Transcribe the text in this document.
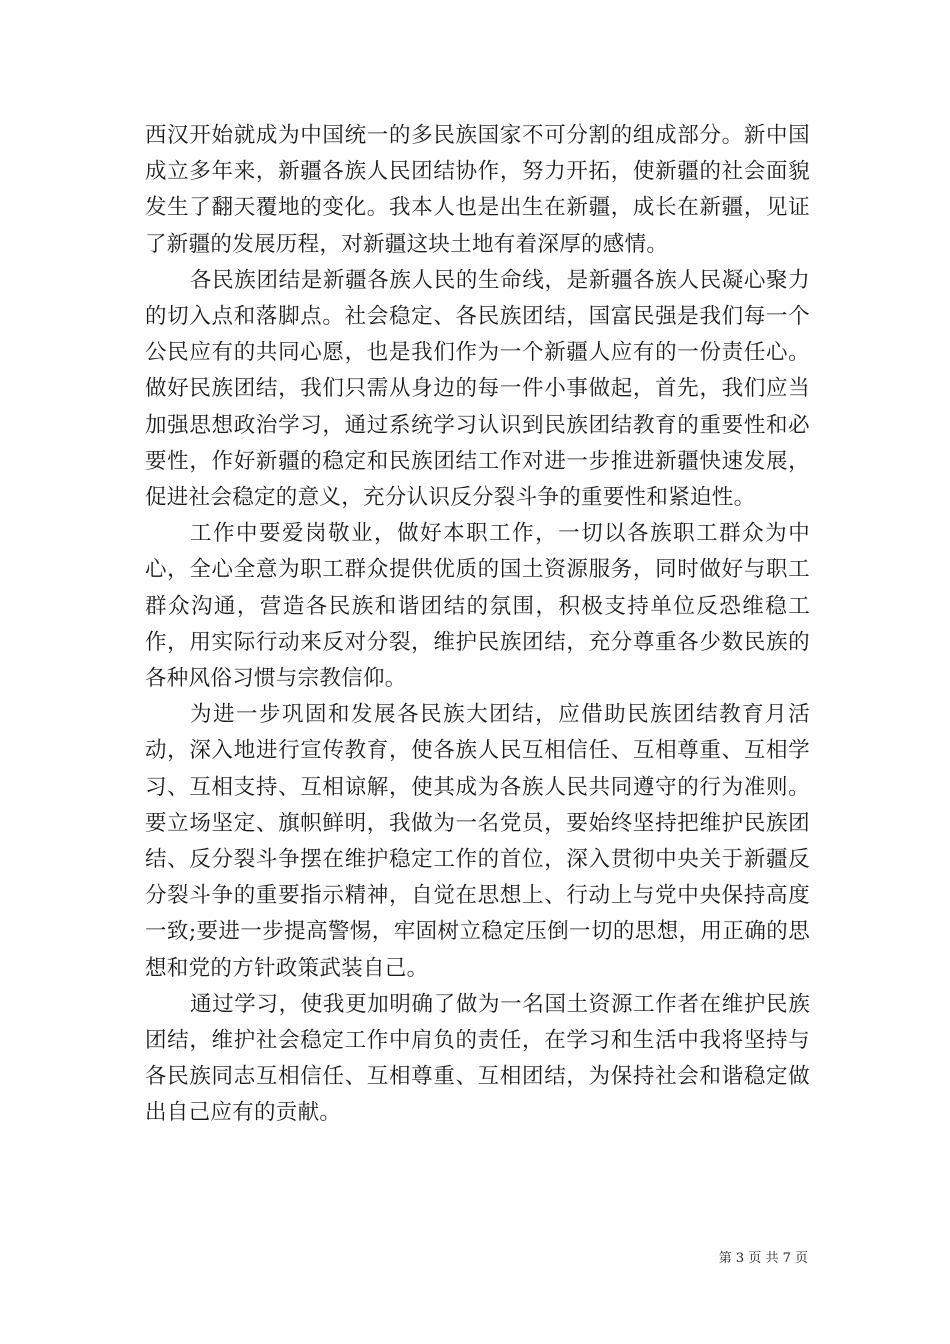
西汉开始就成为中国统一的多民族国家不可分割的组成部分。新中国成立多年来，新疆各族人民团结协作，努力开拓，使新疆的社会面貌发生了翻天覆地的变化。我本人也是出生在新疆，成长在新疆，见证了新疆的发展历程，对新疆这块土地有着深厚的感情。

各民族团结是新疆各族人民的生命线，是新疆各族人民凝心聚力的切入点和落脚点。社会稳定、各民族团结，国富民强是我们每一个公民应有的共同心愿，也是我们作为一个新疆人应有的一份责任心。做好民族团结，我们只需从身边的每一件小事做起，首先，我们应当加强思想政治学习，通过系统学习认识到民族团结教育的重要性和必要性，作好新疆的稳定和民族团结工作对进一步推进新疆快速发展，促进社会稳定的意义，充分认识反分裂斗争的重要性和紧迫性。

工作中要爱岗敬业，做好本职工作，一切以各族职工群众为中心，全心全意为职工群众提供优质的国土资源服务，同时做好与职工群众沟通，营造各民族和谐团结的氛围，积极支持单位反恐维稳工作，用实际行动来反对分裂，维护民族团结，充分尊重各少数民族的各种风俗习惯与宗教信仰。

为进一步巩固和发展各民族大团结，应借助民族团结教育月活动，深入地进行宣传教育，使各族人民互相信任、互相尊重、互相学习、互相支持、互相谅解，使其成为各族人民共同遵守的行为准则。要立场坚定、旗帜鲜明，我做为一名党员，要始终坚持把维护民族团结、反分裂斗争摆在维护稳定工作的首位，深入贯彻中央关于新疆反分裂斗争的重要指示精神，自觉在思想上、行动上与党中央保持高度一致;要进一步提高警惕，牢固树立稳定压倒一切的思想，用正确的思想和党的方针政策武装自己。

通过学习，使我更加明确了做为一名国土资源工作者在维护民族团结，维护社会稳定工作中肩负的责任，在学习和生活中我将坚持与各民族同志互相信任、互相尊重、互相团结，为保持社会和谐稳定做出自己应有的贡献。

第 3 页 共 7 页
